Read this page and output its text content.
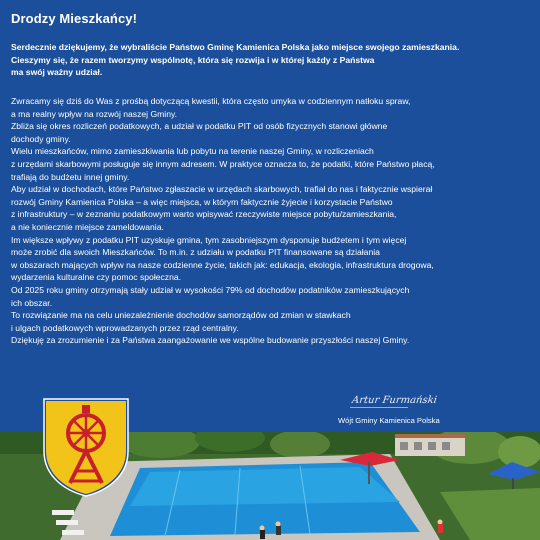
Drodzy Mieszkańcy!
Serdecznie dziękujemy, że wybraliście Państwo Gminę Kamienica Polska jako miejsce swojego zamieszkania.
Cieszymy się, że razem tworzymy wspólnotę, która się rozwija i w której każdy z Państwa
ma swój ważny udział.
Zwracamy się dziś do Was z prośbą dotyczącą kwestii, która często umyka w codziennym natłoku spraw,
a ma realny wpływ na rozwój naszej Gminy.
Zbliża się okres rozliczeń podatkowych, a udział w podatku PIT od osób fizycznych stanowi główne
dochody gminy.
Wielu mieszkańców, mimo zamieszkiwania lub pobytu na terenie naszej Gminy, w rozliczeniach
z urzędami skarbowymi posługuje się innym adresem. W praktyce oznacza to, że podatki, które Państwo płacą,
trafiają do budżetu innej gminy.
Aby udział w dochodach, które Państwo zgłaszacie w urzędach skarbowych, trafiał do nas i faktycznie wspierał
rozwój Gminy Kamienica Polska – a więc miejsca, w którym faktycznie żyjecie i korzystacie Państwo
z infrastruktury – w zeznaniu podatkowym warto wpisywać rzeczywiste miejsce pobytu/zamieszkania,
a nie koniecznie miejsce zameldowania.
Im większe wpływy z podatku PIT uzyskuje gmina, tym zasobniejszym dysponuje budżetem i tym więcej
może zrobić dla swoich Mieszkańców. To m.in. z udziału w podatku PIT finansowane są działania
w obszarach mających wpływ na nasze codzienne życie, takich jak: edukacja, ekologia, infrastruktura drogowa,
wydarzenia kulturalne czy pomoc społeczna.
Od 2025 roku gminy otrzymają stały udział w wysokości 79% od dochodów podatników zamieszkujących
ich obszar.
To rozwiązanie ma na celu uniezależnienie dochodów samorządów od zmian w stawkach
i ulgach podatkowych wprowadzanych przez rząd centralny.
Dziękuję za zrozumienie i za Państwa zaangażowanie we wspólne budowanie przyszłości naszej Gminy.
Artur Furmański
Wójt Gminy Kamienica Polska
